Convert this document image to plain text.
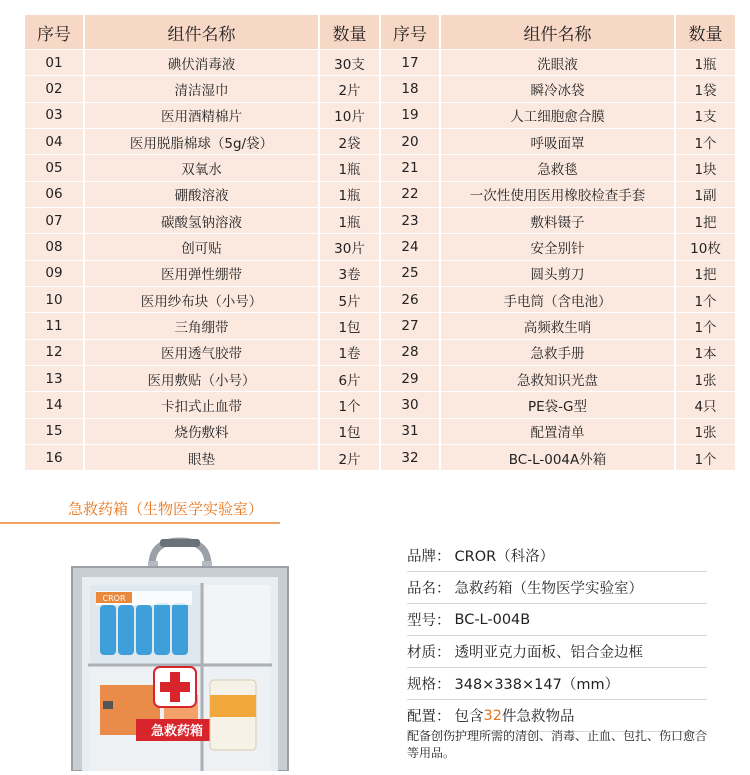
序号	组件名称	数量
01	碘伏消毒液	30支
02	清洁湿巾	2片
03	医用酒精棉片	10片
04	医用脱脂棉球（5g/袋）	2袋
05	双氧水	1瓶
06	硼酸溶液	1瓶
07	碳酸氢钠溶液	1瓶
08	创可贴	30片
09	医用弹性绷带	3卷
10	医用纱布块（小号）	5片
11	三角绷带	1包
12	医用透气胶带	1卷
13	医用敷贴（小号）	6片
14	卡扣式止血带	1个
15	烧伤敷料	1包
16	眼垫	2片
序号	组件名称	数量
17	洗眼液	1瓶
18	瞬冷冰袋	1袋
19	人工细胞愈合膜	1支
20	呼吸面罩	1个
21	急救毯	1块
22	一次性使用医用橡胶检查手套	1副
23	敷料镊子	1把
24	安全别针	10枚
25	圆头剪刀	1把
26	手电筒（含电池）	1个
27	高频救生哨	1个
28	急救手册	1本
29	急救知识光盘	1张
30	PE袋-G型	4只
31	配置清单	1张
32	BC-L-004A外箱	1个
急救药箱（生物医学实验室）
CROR
急救药箱
品牌： CROR（科洛）
品名： 急救药箱（生物医学实验室）
型号： BC-L-004B
材质： 透明亚克力面板、铝合金边框
规格： 348×338×147（mm）
配置： 包含 32 件急救物品
配备创伤护理所需的清创、消毒、止血、包扎、伤口愈合等用品。
